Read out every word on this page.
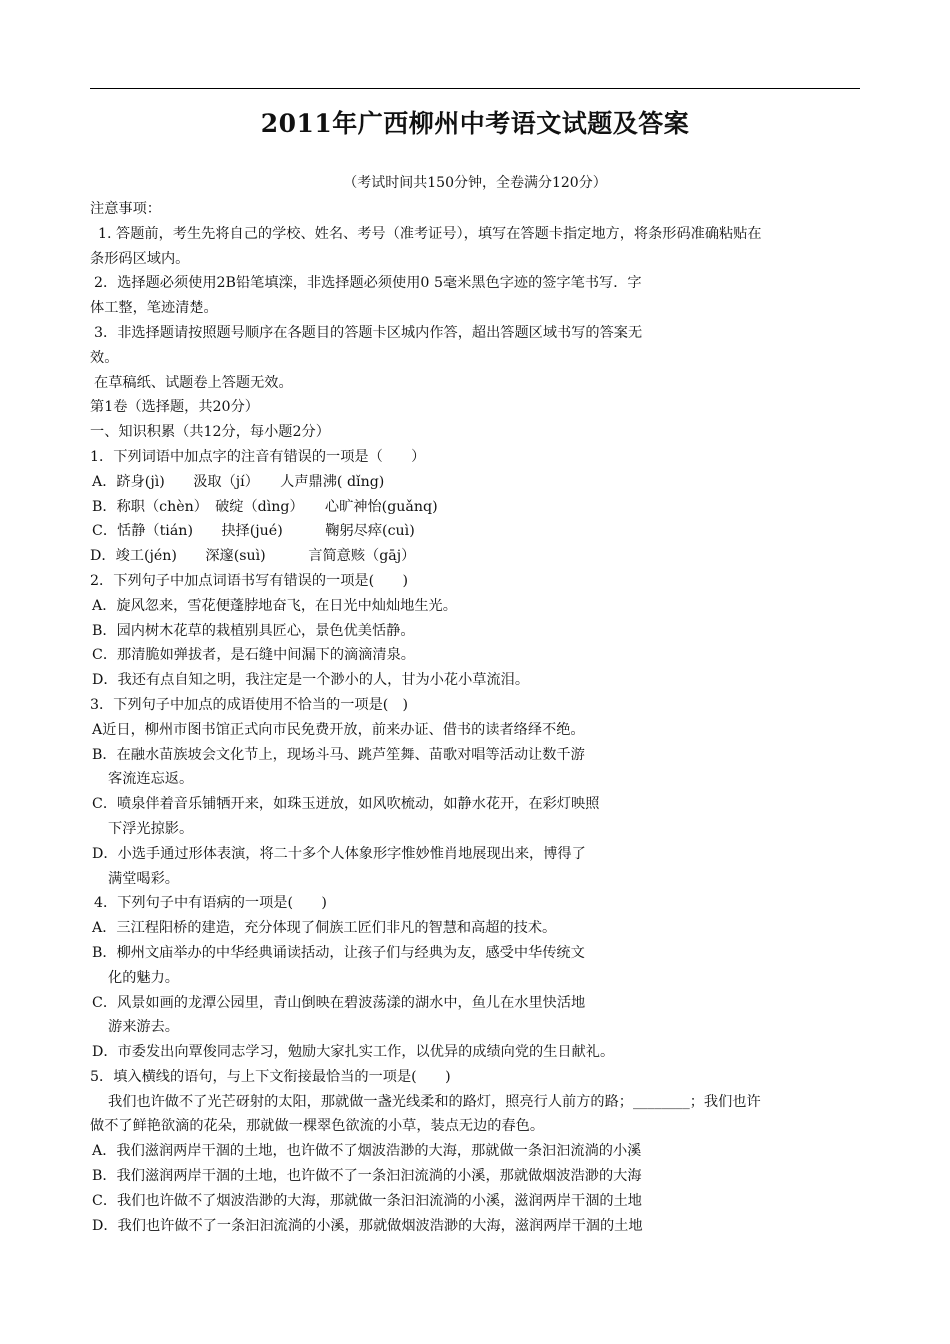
2011年广西柳州中考语文试题及答案
（考试时间共150分钟，全卷满分120分）
注意事项：
1. 答题前，考生先将自己的学校、姓名、考号（准考证号），填写在答题卡指定地方，将条形码准确粘贴在
条形码区域内。
2．选择题必须使用2B铅笔填滦，非选择题必须使用0 5毫米黑色字迹的签字笔书写．字
体工整，笔迹清楚。
3．非选择题请按照题号顺序在各题目的答题卡区城内作答，超出答题区域书写的答案无
效。
在草稿纸、试题卷上答题无效。
第1卷（选择题，共20分）
一、知识积累（共12分，每小题2分）
1．下列词语中加点字的注音有错误的一项是（　　）
A．跻身(jì)　　汲取（jí）　　人声鼎沸( dǐng)
B．称职（chèn）　破绽（dìng）　　心旷神怡(guǎnq)
C．恬静（tián)　　抉择(jué)　　　鞠躬尽瘁(cuì)
D．竣工(jén)　　深邃(suì)　　　言简意赅（gāj）
2．下列句子中加点词语书写有错误的一项是(　　)
A．旋风忽来，雪花便蓬脖地奋飞，在日光中灿灿地生光。
B．园内树木花草的栽植别具匠心，景色优美恬静。
C．那清脆如弹拔者，是石缝中间漏下的滴滴清泉。
D．我还有点自知之明，我注定是一个渺小的人，甘为小花小草流泪。
3．下列句子中加点的成语使用不恰当的一项是(　)
A近日，柳州市图书馆正式向市民免费开放，前来办证、借书的读者络绎不绝。
B．在融水苗族坡会文化节上，现场斗马、跳芦笙舞、苗歌对唱等活动让数千游
客流连忘返。
C．喷泉伴着音乐铺牺开来，如珠玉迸放，如风吹梳动，如静水花开，在彩灯映照
下浮光掠影。
D．小选手通过形体表演，将二十多个人体象形字惟妙惟肖地展现出来，博得了
满堂喝彩。
4．下列句子中有语病的一项是(　　)
A．三江程阳桥的建造，充分体现了侗族工匠们非凡的智慧和高超的技术。
B．柳州文庙举办的中华经典诵读括动，让孩子们与经典为友，感受中华传统文
化的魅力。
C．风景如画的龙潭公园里，青山倒映在碧波荡漾的湖水中，鱼儿在水里快活地
游来游去。
D．市委发出向覃俊同志学习，勉励大家扎实工作，以优异的成绩向党的生日献礼。
5．填入横线的语句，与上下文衔接最恰当的一项是(　　)
我们也许做不了光芒砑射的太阳，那就做一盏光线柔和的路灯，照亮行人前方的路；________；我们也许
做不了鲜艳欲滴的花朵，那就做一棵翠色欲流的小草，装点无边的春色。
A．我们滋润两岸干涸的土地，也许做不了烟波浩渺的大海，那就做一条汩汩流淌的小溪
B．我们滋润两岸干涸的土地，也许做不了一条汩汩流淌的小溪，那就做烟波浩渺的大海
C．我们也许做不了烟波浩渺的大海，那就做一条汩汩流淌的小溪，滋润两岸干涸的土地
D．我们也许做不了一条汩汩流淌的小溪，那就做烟波浩渺的大海，滋润两岸干涸的土地
